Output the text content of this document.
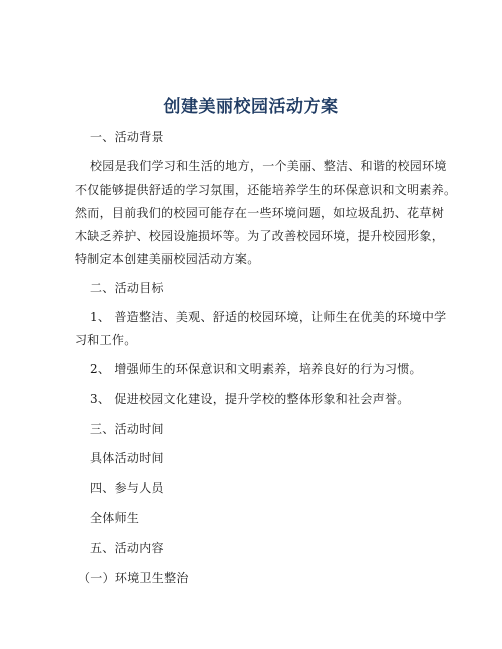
创建美丽校园活动方案
一、活动背景
校园是我们学习和生活的地方，一个美丽、整洁、和谐的校园环境
不仅能够提供舒适的学习氛围，还能培养学生的环保意识和文明素养。
然而，目前我们的校园可能存在一些环境问题，如垃圾乱扔、花草树
木缺乏养护、校园设施损坏等。为了改善校园环境，提升校园形象，
特制定本创建美丽校园活动方案。
二、活动目标
1、 普造整洁、美观、舒适的校园环境，让师生在优美的环境中学
习和工作。
2、 增强师生的环保意识和文明素养，培养良好的行为习惯。
3、 促进校园文化建设，提升学校的整体形象和社会声誉。
三、活动时间
具体活动时间
四、参与人员
全体师生
五、活动内容
（一）环境卫生整治
